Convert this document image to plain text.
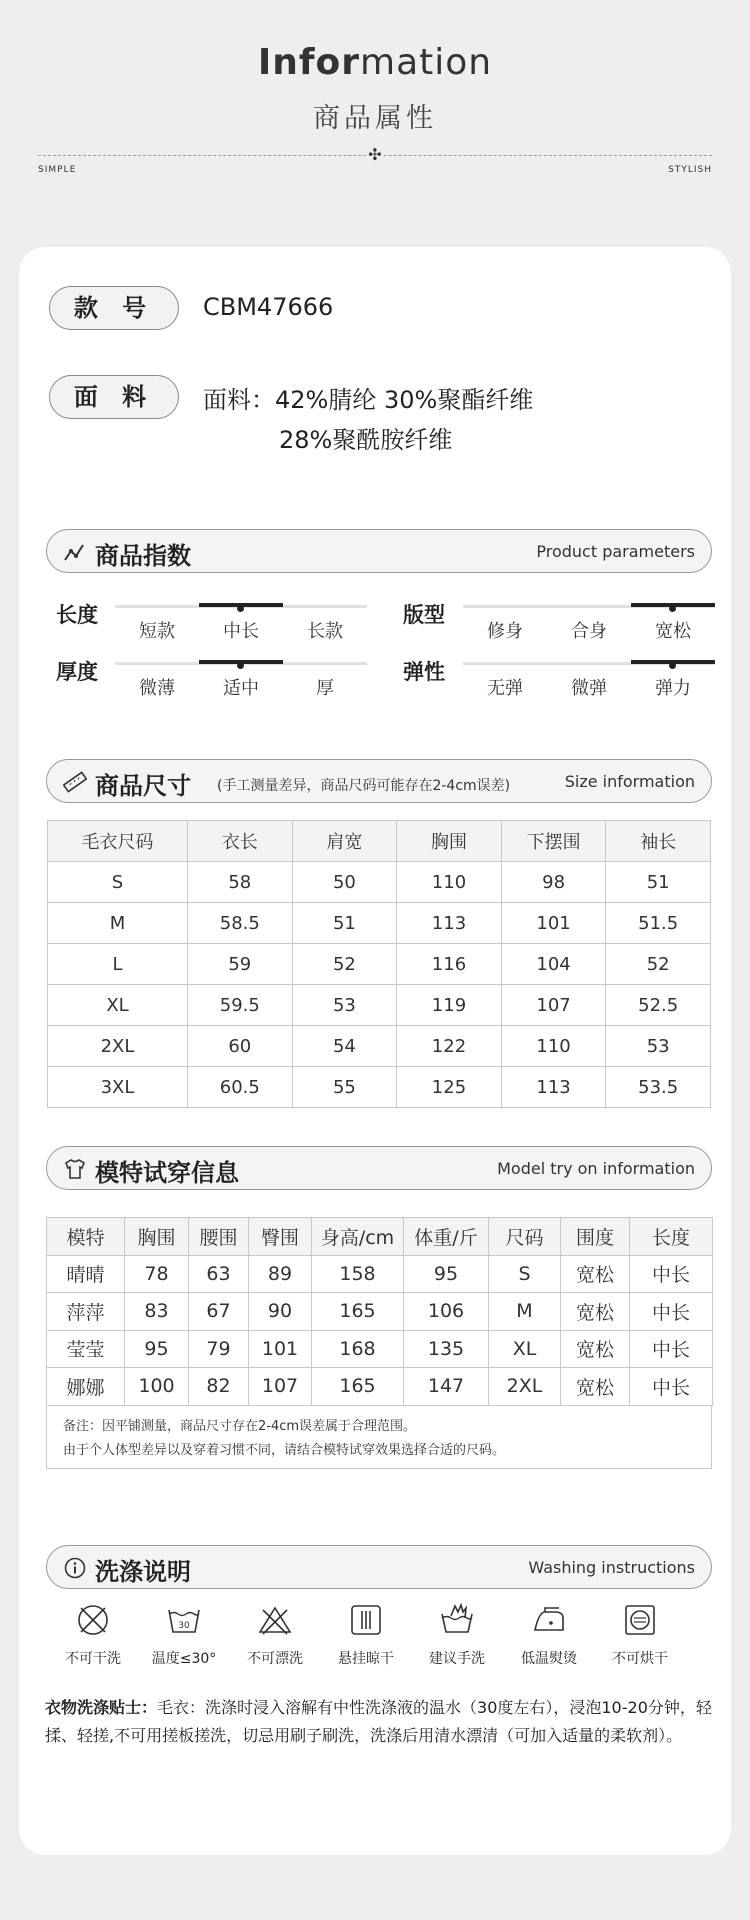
Information
商品属性
✣
SIMPLE	STYLISH
款 号	CBM47666
面 料	面料：42%腈纶 30%聚酯纤维
28%聚酰胺纤维
商品指数	Product parameters
长度
短款	中长	长款
版型
修身	合身	宽松
厚度
微薄	适中	厚
弹性
无弹	微弹	弹力
商品尺寸 (手工测量差异，商品尺码可能存在2-4cm误差)	Size information
毛衣尺码	衣长	肩宽	胸围	下摆围	袖长
S	58	50	110	98	51
M	58.5	51	113	101	51.5
L	59	52	116	104	52
XL	59.5	53	119	107	52.5
2XL	60	54	122	110	53
3XL	60.5	55	125	113	53.5
模特试穿信息	Model try on information
模特	胸围	腰围	臀围	身高/cm	体重/斤	尺码	围度	长度
晴晴	78	63	89	158	95	S	宽松	中长
萍萍	83	67	90	165	106	M	宽松	中长
莹莹	95	79	101	168	135	XL	宽松	中长
娜娜	100	82	107	165	147	2XL	宽松	中长
备注：因平铺测量，商品尺寸存在2-4cm误差属于合理范围。
由于个人体型差异以及穿着习惯不同，请结合模特试穿效果选择合适的尺码。
洗涤说明	Washing instructions
不可干洗
30
温度≤30°	不可漂洗	悬挂晾干	建议手洗	低温熨烫	不可烘干
衣物洗涤贴士：毛衣：洗涤时浸入溶解有中性洗涤液的温水（30度左右），浸泡10-20分钟，轻揉、轻搓,不可用搓板搓洗，切忌用刷子刷洗，洗涤后用清水漂清（可加入适量的柔软剂）。
